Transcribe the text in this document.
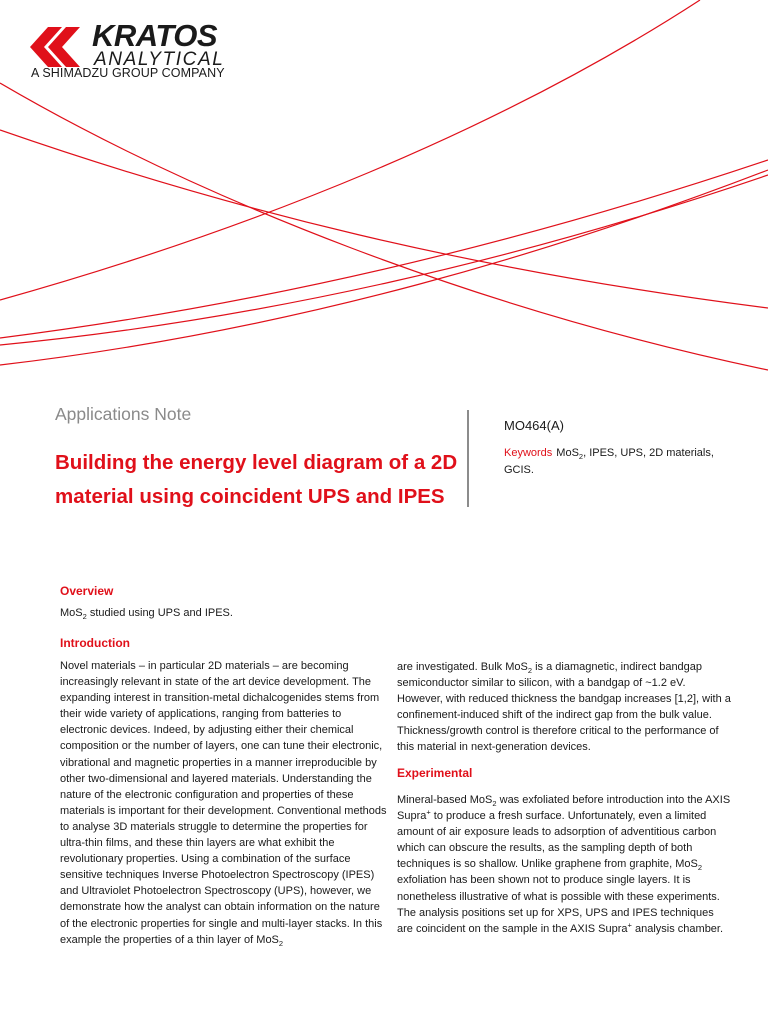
KRATOS
ANALYTICAL
A SHIMADZU GROUP COMPANY
Applications Note
Building the energy level diagram of a 2D material using coincident UPS and IPES
MO464(A)
Keywords MoS$_2$, IPES, UPS, 2D materials, GCIS.
Overview
MoS$_2$ studied using UPS and IPES.
Introduction

Novel materials – in particular 2D materials – are becoming increasingly relevant in state of the art device development. The expanding interest in transition-metal dichalcogenides stems from their wide variety of applications, ranging from batteries to electronic devices. Indeed, by adjusting either their chemical composition or the number of layers, one can tune their electronic, vibrational and magnetic properties in a manner irreproducible by other two-dimensional and layered materials. Understanding the nature of the electronic configuration and properties of these materials is important for their development. Conventional methods to analyse 3D materials struggle to determine the properties for ultra-thin films, and these thin layers are what exhibit the revolutionary properties. Using a combination of the surface sensitive techniques Inverse Photoelectron Spectroscopy (IPES) and Ultraviolet Photoelectron Spectroscopy (UPS), however, we demonstrate how the analyst can obtain information on the nature of the electronic properties for single and multi-layer stacks. In this example the properties of a thin layer of MoS$_2$

are investigated. Bulk MoS$_2$ is a diamagnetic, indirect bandgap semiconductor similar to silicon, with a bandgap of ~1.2 eV. However, with reduced thickness the bandgap increases [1,2], with a confinement-induced shift of the indirect gap from the bulk value. Thickness/growth control is therefore critical to the performance of this material in next-generation devices.

Experimental

Mineral-based MoS$_2$ was exfoliated before introduction into the AXIS Supra+ to produce a fresh surface. Unfortunately, even a limited amount of air exposure leads to adsorption of adventitious carbon which can obscure the results, as the sampling depth of both techniques is so shallow. Unlike graphene from graphite, MoS$_2$ exfoliation has been shown not to produce single layers. It is nonetheless illustrative of what is possible with these experiments. The analysis positions set up for XPS, UPS and IPES techniques are coincident on the sample in the AXIS Supra+ analysis chamber.
